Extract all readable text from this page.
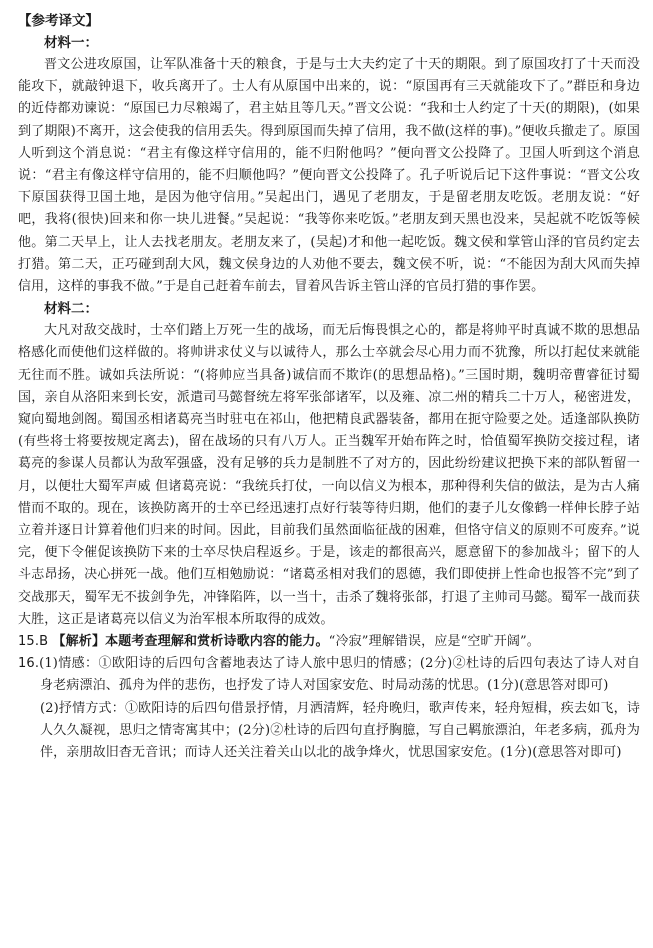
【参考译文】

材料一：

晋文公进攻原国，让军队准备十天的粮食，于是与士大夫约定了十天的期限。到了原国攻打了十天而没能攻下，就敲钟退下，收兵离开了。士人有从原国中出来的，说：“原国再有三天就能攻下了。”群臣和身边的近侍都劝谏说：“原国已力尽粮竭了，君主姑且等几天。”晋文公说：“我和士人约定了十天(的期限)，(如果到了期限)不离开，这会使我的信用丢失。得到原国而失掉了信用，我不做(这样的事)。”便收兵撤走了。原国人听到这个消息说：“君主有像这样守信用的，能不归附他吗？”便向晋文公投降了。卫国人听到这个消息说：“君主有像这样守信用的，能不归顺他吗？”便向晋文公投降了。孔子听说后记下这件事说：“晋文公攻下原国获得卫国土地，是因为他守信用。”吴起出门，遇见了老朋友，于是留老朋友吃饭。老朋友说：“好吧，我将(很快)回来和你一块儿进餐。”吴起说：“我等你来吃饭。”老朋友到天黑也没来，吴起就不吃饭等候他。第二天早上，让人去找老朋友。老朋友来了，(吴起)才和他一起吃饭。魏文侯和掌管山泽的官员约定去打猎。第二天，正巧碰到刮大风，魏文侯身边的人劝他不要去，魏文侯不听，说：“不能因为刮大风而失掉信用，这样的事我不做。”于是自己赶着车前去，冒着风告诉主管山泽的官员打猎的事作罢。

材料二：

大凡对敌交战时，士卒们踏上万死一生的战场，而无后悔畏惧之心的，都是将帅平时真诚不欺的思想品格感化而使他们这样做的。将帅讲求仗义与以诚待人，那么士卒就会尽心用力而不犹豫，所以打起仗来就能无往而不胜。诚如兵法所说：“(将帅应当具备)诚信而不欺诈(的思想品格)。”三国时期，魏明帝曹睿征讨蜀国，亲自从洛阳来到长安，派遣司马懿督统左将军张郃诸军，以及雍、凉二州的精兵二十万人，秘密进发，窥向蜀地剑阁。蜀国丞相诸葛亮当时驻屯在祁山，他把精良武器装备，都用在扼守险要之处。适逢部队换防(有些将士将要按规定离去)，留在战场的只有八万人。正当魏军开始布阵之时，恰值蜀军换防交接过程，诸葛亮的参谋人员都认为敌军强盛，没有足够的兵力是制胜不了对方的，因此纷纷建议把换下来的部队暂留一月，以便壮大蜀军声威 但诸葛亮说：“我统兵打仗，一向以信义为根本，那种得利失信的做法，是为古人痛惜而不取的。现在，该换防离开的士卒已经迅速打点好行装等待归期，他们的妻子儿女像鹤一样伸长脖子站立着并逐日计算着他们归来的时间。因此，目前我们虽然面临征战的困难，但恪守信义的原则不可废弃。”说完，便下令催促该换防下来的士卒尽快启程返乡。于是，该走的都很高兴，愿意留下的参加战斗；留下的人斗志昂扬，决心拼死一战。他们互相勉励说：“诸葛丞相对我们的恩德，我们即使拼上性命也报答不完”到了交战那天，蜀军无不拔剑争先，冲锋陷阵，以一当十，击杀了魏将张郃，打退了主帅司马懿。蜀军一战而获大胜，这正是诸葛亮以信义为治军根本所取得的成效。

15.B 【解析】本题考查理解和赏析诗歌内容的能力。“冷寂”理解错误，应是“空旷开阔”。

16.(1)情感：①欧阳诗的后四句含蓄地表达了诗人旅中思归的情感；(2分)②杜诗的后四句表达了诗人对自身老病漂泊、孤舟为伴的悲伤，也抒发了诗人对国家安危、时局动荡的忧思。(1分)(意思答对即可)

(2)抒情方式：①欧阳诗的后四句借景抒情，月洒清辉，轻舟晚归，歌声传来，轻舟短楫，疾去如飞，诗人久久凝视，思归之情寄寓其中；(2分)②杜诗的后四句直抒胸臆，写自己羁旅漂泊，年老多病，孤舟为伴，亲朋故旧杳无音讯；而诗人还关注着关山以北的战争烽火，忧思国家安危。(1分)(意思答对即可)
